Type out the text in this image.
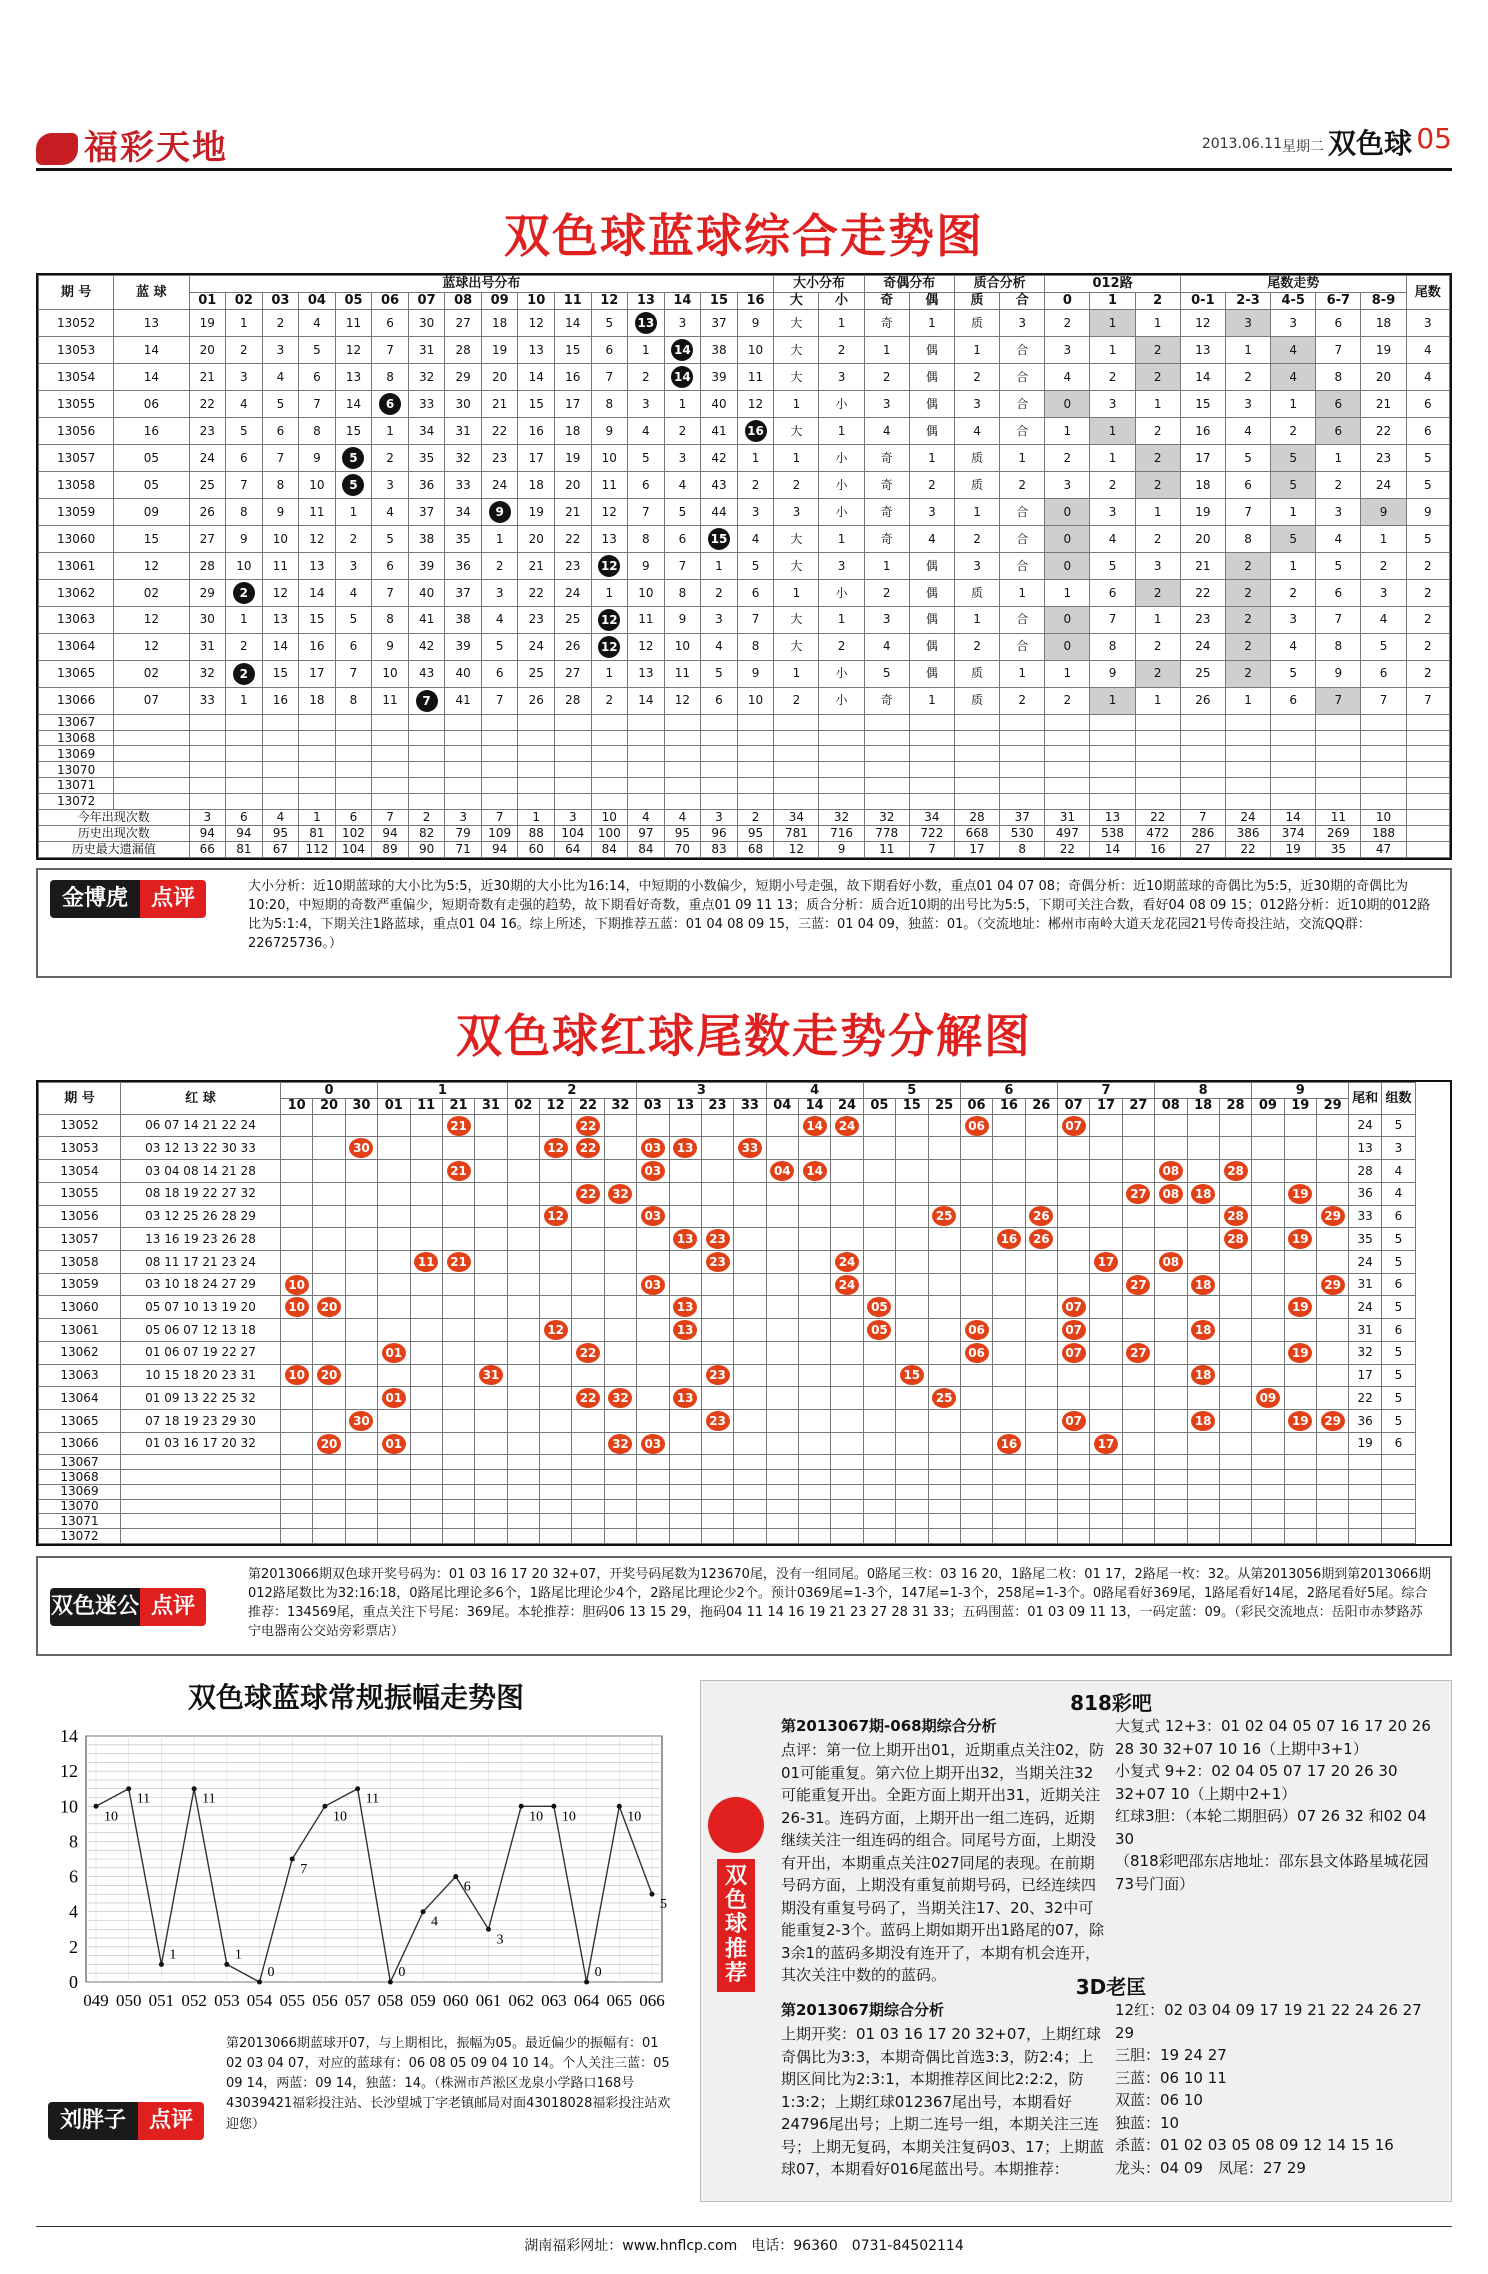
福彩天地	2013.06.11 星期二 双色球 05
双色球蓝球综合走势图
期 号	蓝 球	蓝球出号分布																大小分布		奇偶分布		质合分析		012路			尾数走势					尾数
		01	02	03	04	05	06	07	08	09	10	11	12	13	14	15	16	大	小	奇	偶	质	合	0	1	2	0-1	2-3	4-5	6-7	8-9	
13052	13	19	1	2	4	11	6	30	27	18	12	14	5	13	3	37	9	大	1	奇	1	质	3	2	1	1	12	3	3	6	18	3
13053	14	20	2	3	5	12	7	31	28	19	13	15	6	1	14	38	10	大	2	1	偶	1	合	3	1	2	13	1	4	7	19	4
13054	14	21	3	4	6	13	8	32	29	20	14	16	7	2	14	39	11	大	3	2	偶	2	合	4	2	2	14	2	4	8	20	4
13055	06	22	4	5	7	14	6	33	30	21	15	17	8	3	1	40	12	1	小	3	偶	3	合	0	3	1	15	3	1	6	21	6
13056	16	23	5	6	8	15	1	34	31	22	16	18	9	4	2	41	16	大	1	4	偶	4	合	1	1	2	16	4	2	6	22	6
13057	05	24	6	7	9	5	2	35	32	23	17	19	10	5	3	42	1	1	小	奇	1	质	1	2	1	2	17	5	5	1	23	5
13058	05	25	7	8	10	5	3	36	33	24	18	20	11	6	4	43	2	2	小	奇	2	质	2	3	2	2	18	6	5	2	24	5
13059	09	26	8	9	11	1	4	37	34	9	19	21	12	7	5	44	3	3	小	奇	3	1	合	0	3	1	19	7	1	3	9	9
13060	15	27	9	10	12	2	5	38	35	1	20	22	13	8	6	15	4	大	1	奇	4	2	合	0	4	2	20	8	5	4	1	5
13061	12	28	10	11	13	3	6	39	36	2	21	23	12	9	7	1	5	大	3	1	偶	3	合	0	5	3	21	2	1	5	2	2
13062	02	29	2	12	14	4	7	40	37	3	22	24	1	10	8	2	6	1	小	2	偶	质	1	1	6	2	22	2	2	6	3	2
13063	12	30	1	13	15	5	8	41	38	4	23	25	12	11	9	3	7	大	1	3	偶	1	合	0	7	1	23	2	3	7	4	2
13064	12	31	2	14	16	6	9	42	39	5	24	26	12	12	10	4	8	大	2	4	偶	2	合	0	8	2	24	2	4	8	5	2
13065	02	32	2	15	17	7	10	43	40	6	25	27	1	13	11	5	9	1	小	5	偶	质	1	1	9	2	25	2	5	9	6	2
13066	07	33	1	16	18	8	11	7	41	7	26	28	2	14	12	6	10	2	小	奇	1	质	2	2	1	1	26	1	6	7	7	7
13067																																
13068																																
13069																																
13070																																
13071																																
13072																																
今年出现次数		3	6	4	1	6	7	2	3	7	1	3	10	4	4	3	2	34	32	32	34	28	37	31	13	22	7	24	14	11	10	
历史出现次数		94	94	95	81	102	94	82	79	109	88	104	100	97	95	96	95	781	716	778	722	668	530	497	538	472	286	386	374	269	188	
历史最大遗漏值		66	81	67	112	104	89	90	71	94	60	64	84	84	70	83	68	12	9	11	7	17	8	22	14	16	27	22	19	35	47	
金博虎	点评	大小分析：近10期蓝球的大小比为5:5，近30期的大小比为16:14，中短期的小数偏少，短期小号走强，故下期看好小数，重点01 04 07 08；奇偶分析：近10期蓝球的奇偶比为5:5，近30期的奇偶比为10:20，中短期的奇数严重偏少，短期奇数有走强的趋势，故下期看好奇数，重点01 09 11 13；质合分析：质合近10期的出号比为5:5，下期可关注合数，看好04 08 09 15；012路分析：近10期的012路比为5:1:4，下期关注1路蓝球，重点01 04 16。综上所述，下期推荐五蓝：01 04 08 09 15，三蓝：01 04 09，独蓝：01。（交流地址：郴州市南岭大道天龙花园21号传奇投注站，交流QQ群：226725736。）
双色球红球尾数走势分解图
期 号	红 球	0			1				2				3				4			5			6			7			8			9			尾和	组数
		10	20	30	01	11	21	31	02	12	22	32	03	13	23	33	04	14	24	05	15	25	06	16	26	07	17	27	08	18	28	09	19	29		
13052	06 07 14 21 22 24						21				22							14	24				06			07									24	5
13053	03 12 13 22 30 33			30						12	22		03	13		33																			13	3
13054	03 04 08 14 21 28						21						03				04	14											08		28				28	4
13055	08 18 19 22 27 32										22	32																27	08	18			19		36	4
13056	03 12 25 26 28 29									12			03									25			26						28			29	33	6
13057	13 16 19 23 26 28													13	23									16	26						28		19		35	5
13058	08 11 17 21 23 24					11	21								23				24								17		08						24	5
13059	03 10 18 24 27 29	10											03						24									27		18				29	31	6
13060	05 07 10 13 19 20	10	20											13						05						07							19		24	5
13061	05 06 07 12 13 18									12				13						05			06			07				18					31	6
13062	01 06 07 19 22 27				01						22												06			07		27					19		32	5
13063	10 15 18 20 23 31	10	20					31							23						15									18					17	5
13064	01 09 13 22 25 32				01						22	32		13								25										09			22	5
13065	07 18 19 23 29 30			30											23											07				18			19	29	36	5
13066	01 03 16 17 20 32		20		01							32	03											16			17								19	6
13067																																				
13068																																				
13069																																				
13070																																				
13071																																				
13072																																				
双色迷公 点评
第2013066期双色球开奖号码为：01 03 16 17 20 32+07，开奖号码尾数为123670尾，没有一组同尾。0路尾三枚：03 16 20，1路尾二枚：01 17，2路尾一枚：32。从第2013056期到第2013066期012路尾数比为32:16:18，0路尾比理论多6个，1路尾比理论少4个，2路尾比理论少2个。预计0369尾=1-3个，147尾=1-3个，258尾=1-3个。0路尾看好369尾，1路尾看好14尾，2路尾看好5尾。综合推荐：134569尾，重点关注下号尾：369尾。本轮推荐：胆码06 13 15 29，拖码04 11 14 16 19 21 23 27 28 31 33；五码围蓝：01 03 09 11 13，一码定蓝：09。（彩民交流地点：岳阳市赤梦路苏宁电器南公交站旁彩票店）
双色球蓝球常规振幅走势图
0
2
4
6
8
10
12
14
049 050 051 052 053 054 055 056 057 058 059 060 061 062 063 064 065 066
10
11
1
11
1
0
7
10
11
0
4
6
3
10 10
0
10
5
刘胖子	点评
第2013066期蓝球开07，与上期相比，振幅为05。最近偏少的振幅有：01 02 03 04 07，对应的蓝球有：06 08 05 09 04 10 14。个人关注三蓝：05 09 14，两蓝：09 14，独蓝：14。（株洲市芦淞区龙泉小学路口168号43039421福彩投注站、长沙望城丁字老镇邮局对面43018028福彩投注站欢迎您）
双色球推荐
818彩吧
第2013067期-068期综合分析
点评：第一位上期开出01，近期重点关注02，防01可能重复。第六位上期开出32，当期关注32可能重复开出。全距方面上期开出31，近期关注26-31。连码方面，上期开出一组二连码，近期继续关注一组连码的组合。同尾号方面，上期没有开出，本期重点关注027同尾的表现。在前期号码方面，上期没有重复前期号码，已经连续四期没有重复号码了，当期关注17、20、32中可能重复2-3个。蓝码上期如期开出1路尾的07，除3余1的蓝码多期没有连开了，本期有机会连开，其次关注中数的的蓝码。
大复式 12+3：01 02 04 05 07 16 17 20 26 28 30 32+07 10 16（上期中3+1）
小复式 9+2：02 04 05 07 17 20 26 30 32+07 10（上期中2+1）
红球3胆：（本轮二期胆码）07 26 32 和02 04 30
（818彩吧邵东店地址：邵东县文体路星城花园73号门面）
3D老匡
第2013067期综合分析
上期开奖：01 03 16 17 20 32+07，上期红球奇偶比为3:3，本期奇偶比首选3:3，防2:4；上期区间比为2:3:1，本期推荐区间比2:2:2，防1:3:2；上期红球012367尾出号，本期看好24796尾出号；上期二连号一组，本期关注三连号；上期无复码，本期关注复码03、17；上期蓝球07，本期看好016尾蓝出号。本期推荐：
12红：02 03 04 09 17 19 21 22 24 26 27 29
三胆：19 24 27
三蓝：06 10 11
双蓝：06 10
独蓝：10
杀蓝：01 02 03 05 08 09 12 14 15 16
龙头：04 09　 凤尾：27 29
湖南福彩网址：www.hnflcp.com　电话：96360　0731-84502114
